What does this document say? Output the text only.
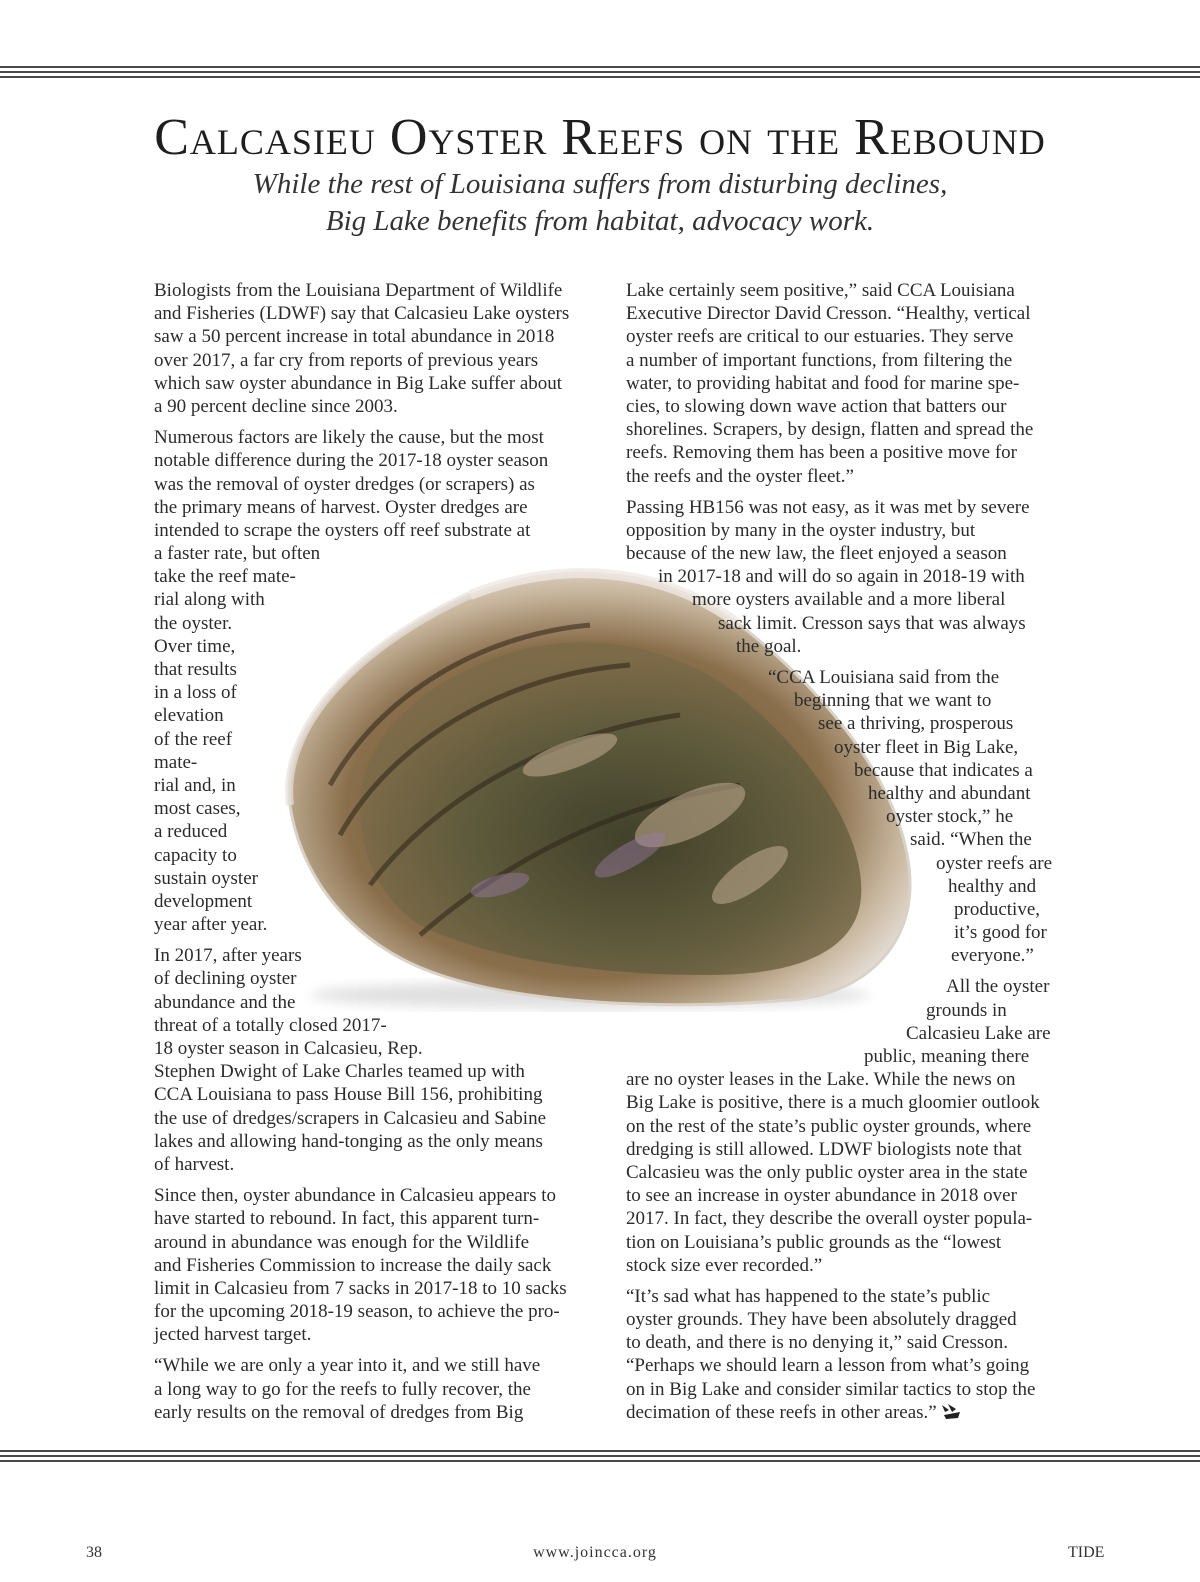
Calcasieu Oyster Reefs on the Rebound

While the rest of Louisiana suffers from disturbing declines,

Big Lake benefits from habitat, advocacy work.

Biologists from the Louisiana Department of Wildlife
and Fisheries (LDWF) say that Calcasieu Lake oysters
saw a 50 percent increase in total abundance in 2018
over 2017, a far cry from reports of previous years
which saw oyster abundance in Big Lake suffer about
a 90 percent decline since 2003.
Numerous factors are likely the cause, but the most
notable difference during the 2017-18 oyster season
was the removal of oyster dredges (or scrapers) as
the primary means of harvest. Oyster dredges are
intended to scrape the oysters off reef substrate at
a faster rate, but often
take the reef mate-
rial along with
the oyster.
Over time,
that results
in a loss of
elevation
of the reef
mate-
rial and, in
most cases,
a reduced
capacity to
sustain oyster
development
year after year.
In 2017, after years
of declining oyster
abundance and the
threat of a totally closed 2017-
18 oyster season in Calcasieu, Rep.
Stephen Dwight of Lake Charles teamed up with
CCA Louisiana to pass House Bill 156, prohibiting
the use of dredges/scrapers in Calcasieu and Sabine
lakes and allowing hand-tonging as the only means
of harvest.
Since then, oyster abundance in Calcasieu appears to
have started to rebound. In fact, this apparent turn-
around in abundance was enough for the Wildlife
and Fisheries Commission to increase the daily sack
limit in Calcasieu from 7 sacks in 2017-18 to 10 sacks
for the upcoming 2018-19 season, to achieve the pro-
jected harvest target.
“While we are only a year into it, and we still have
a long way to go for the reefs to fully recover, the
early results on the removal of dredges from Big
Lake certainly seem positive,” said CCA Louisiana
Executive Director David Cresson. “Healthy, vertical
oyster reefs are critical to our estuaries. They serve
a number of important functions, from filtering the
water, to providing habitat and food for marine spe-
cies, to slowing down wave action that batters our
shorelines. Scrapers, by design, flatten and spread the
reefs. Removing them has been a positive move for
the reefs and the oyster fleet.”
Passing HB156 was not easy, as it was met by severe
opposition by many in the oyster industry, but
because of the new law, the fleet enjoyed a season
in 2017-18 and will do so again in 2018-19 with
more oysters available and a more liberal
sack limit. Cresson says that was always
the goal.
“CCA Louisiana said from the
beginning that we want to
see a thriving, prosperous
oyster fleet in Big Lake,
because that indicates a
healthy and abundant
oyster stock,” he
said. “When the
oyster reefs are
healthy and
productive,
it’s good for
everyone.”
All the oyster
grounds in
Calcasieu Lake are
public, meaning there
are no oyster leases in the Lake. While the news on
Big Lake is positive, there is a much gloomier outlook
on the rest of the state’s public oyster grounds, where
dredging is still allowed. LDWF biologists note that
Calcasieu was the only public oyster area in the state
to see an increase in oyster abundance in 2018 over
2017. In fact, they describe the overall oyster popula-
tion on Louisiana’s public grounds as the “lowest
stock size ever recorded.”
“It’s sad what has happened to the state’s public
oyster grounds. They have been absolutely dragged
to death, and there is no denying it,” said Cresson.
“Perhaps we should learn a lesson from what’s going
on in Big Lake and consider similar tactics to stop the
decimation of these reefs in other areas.”
38	www.joincca.org	TIDE
